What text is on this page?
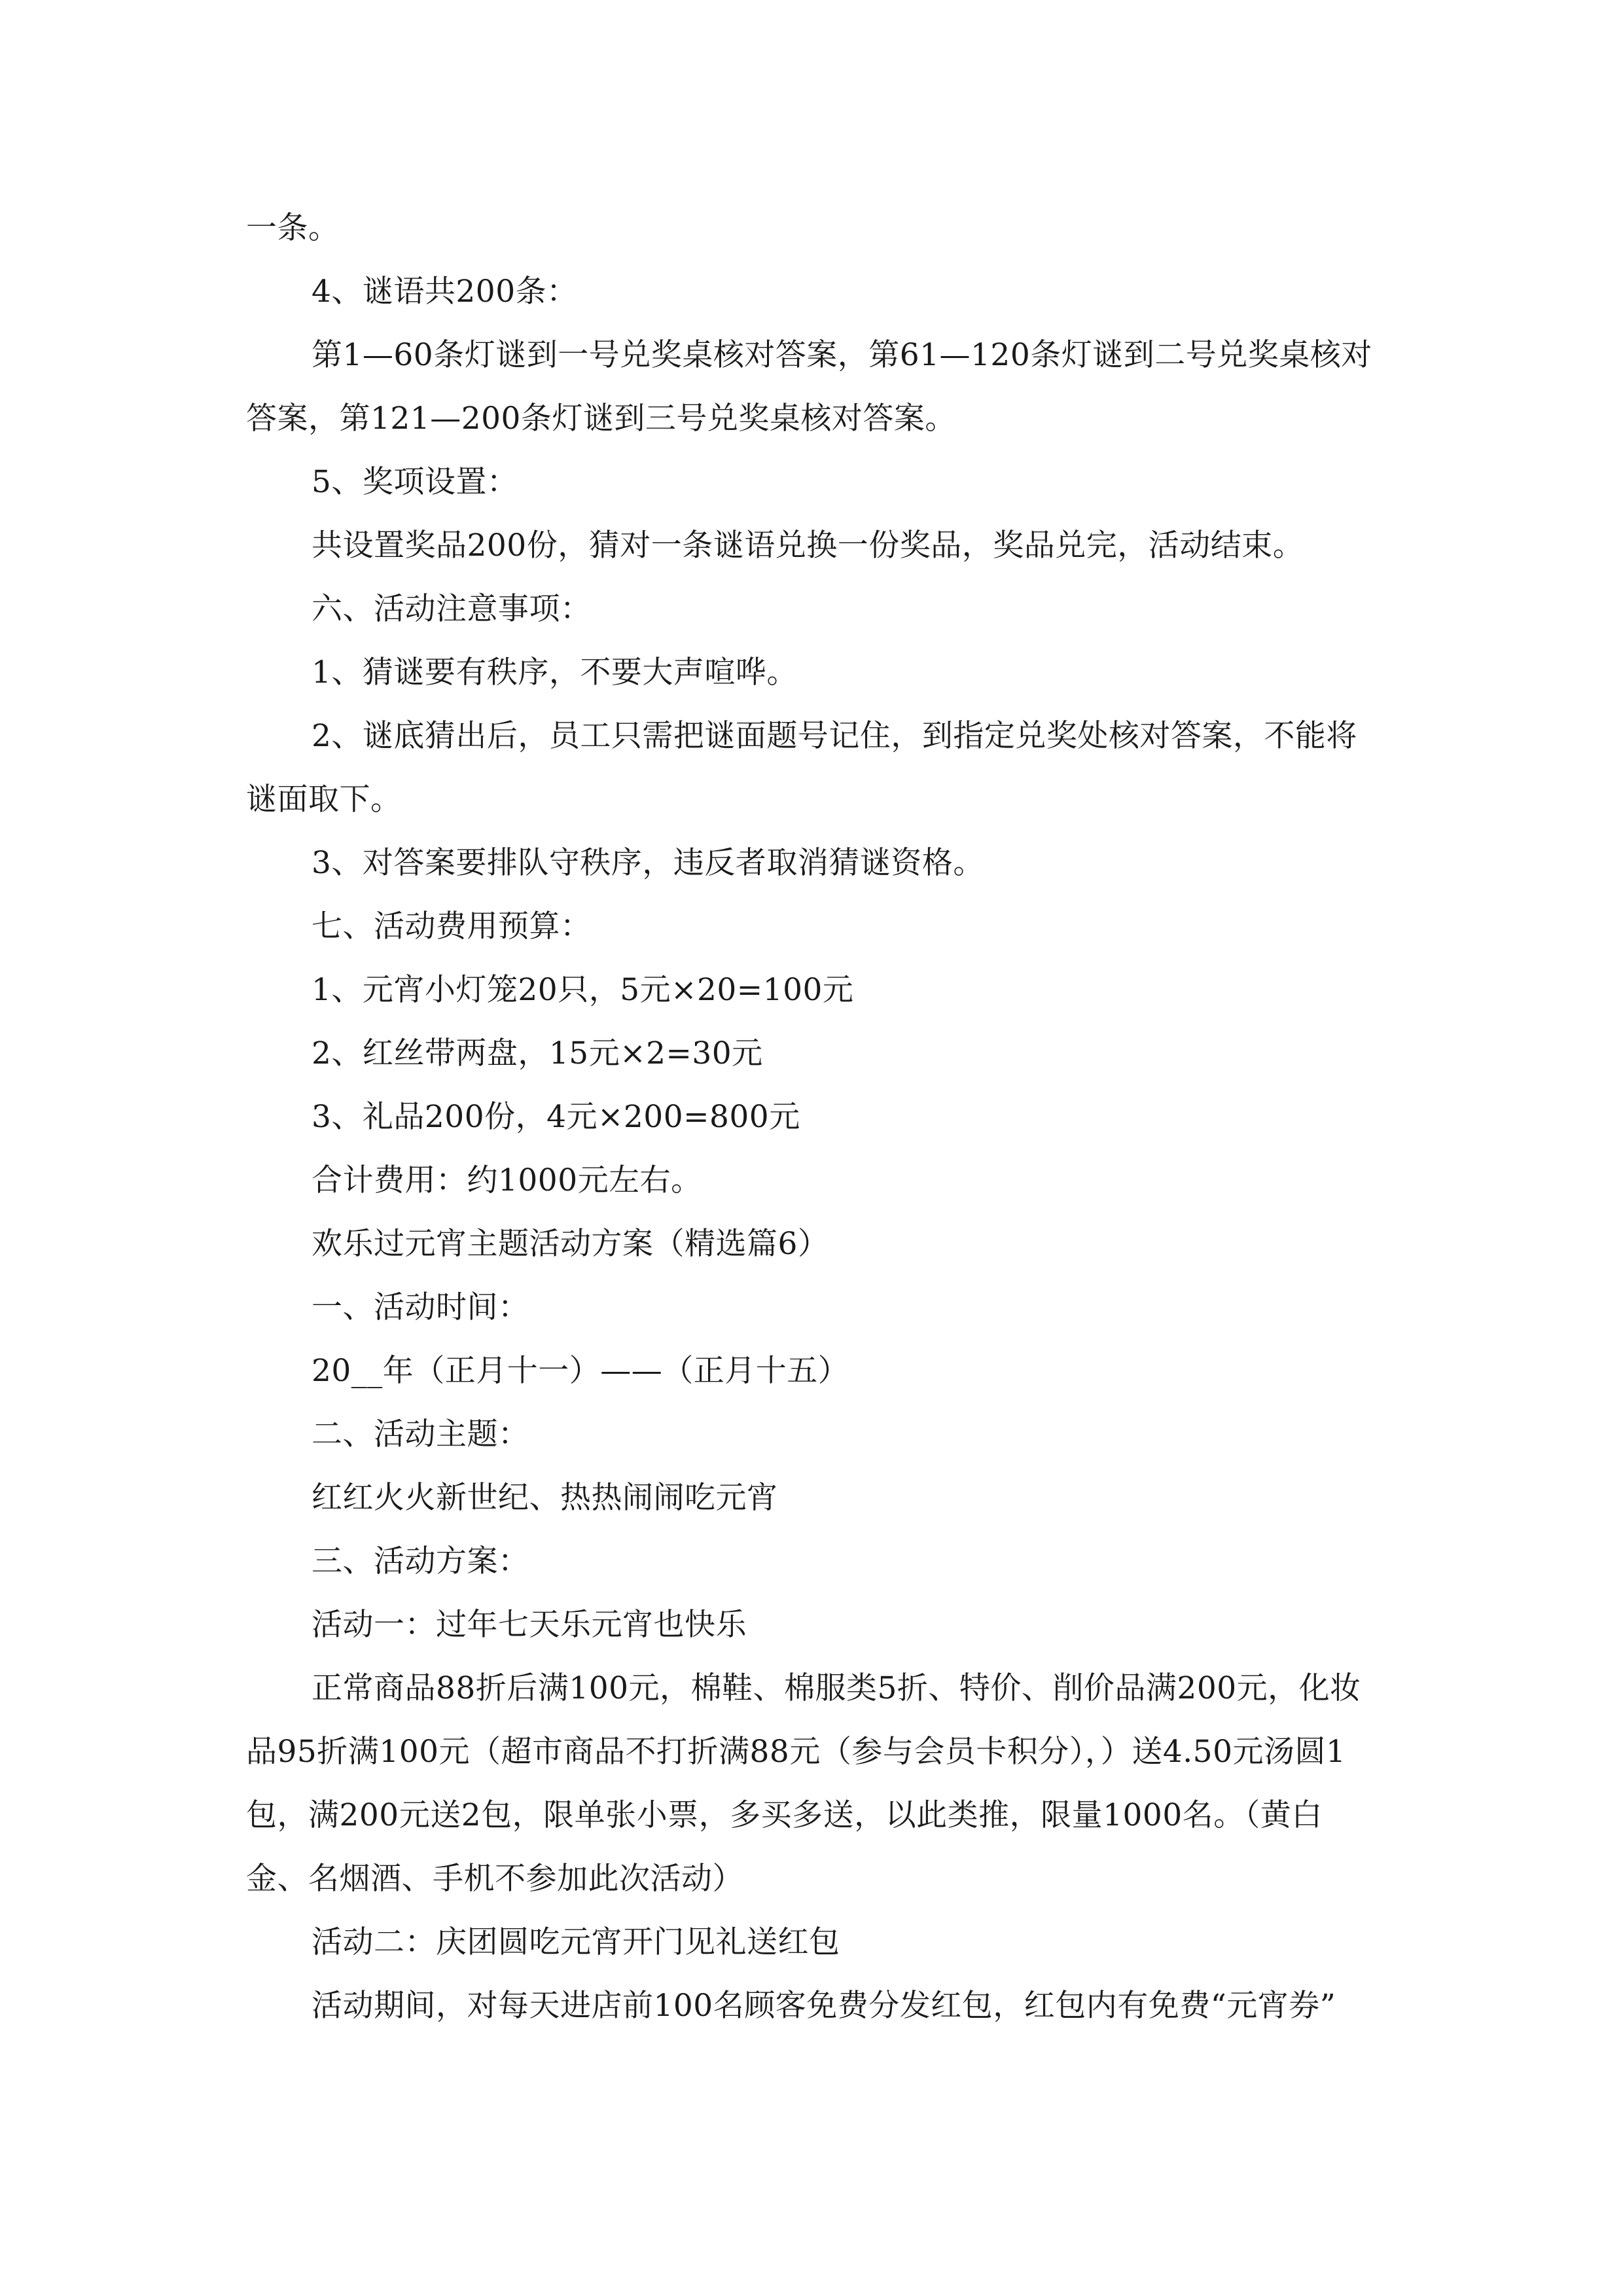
一条。

4、谜语共200条：

第1—60条灯谜到一号兑奖桌核对答案，第61—120条灯谜到二号兑奖桌核对答案，第121—200条灯谜到三号兑奖桌核对答案。

5、奖项设置：

共设置奖品200份，猜对一条谜语兑换一份奖品，奖品兑完，活动结束。

六、活动注意事项：

1、猜谜要有秩序，不要大声喧哗。

2、谜底猜出后，员工只需把谜面题号记住，到指定兑奖处核对答案，不能将谜面取下。

3、对答案要排队守秩序，违反者取消猜谜资格。

七、活动费用预算：

1、元宵小灯笼20只，5元×20=100元

2、红丝带两盘，15元×2=30元

3、礼品200份，4元×200=800元

合计费用：约1000元左右。

欢乐过元宵主题活动方案（精选篇6）

一、活动时间：

20__年（正月十一）——（正月十五）

二、活动主题：

红红火火新世纪、热热闹闹吃元宵

三、活动方案：

活动一：过年七天乐元宵也快乐

正常商品88折后满100元，棉鞋、棉服类5折、特价、削价品满200元，化妆品95折满100元（超市商品不打折满88元（参与会员卡积分），）送4.50元汤圆1包，满200元送2包，限单张小票，多买多送，以此类推，限量1000名。（黄白金、名烟酒、手机不参加此次活动）

活动二：庆团圆吃元宵开门见礼送红包

活动期间，对每天进店前100名顾客免费分发红包，红包内有免费“元宵券”
